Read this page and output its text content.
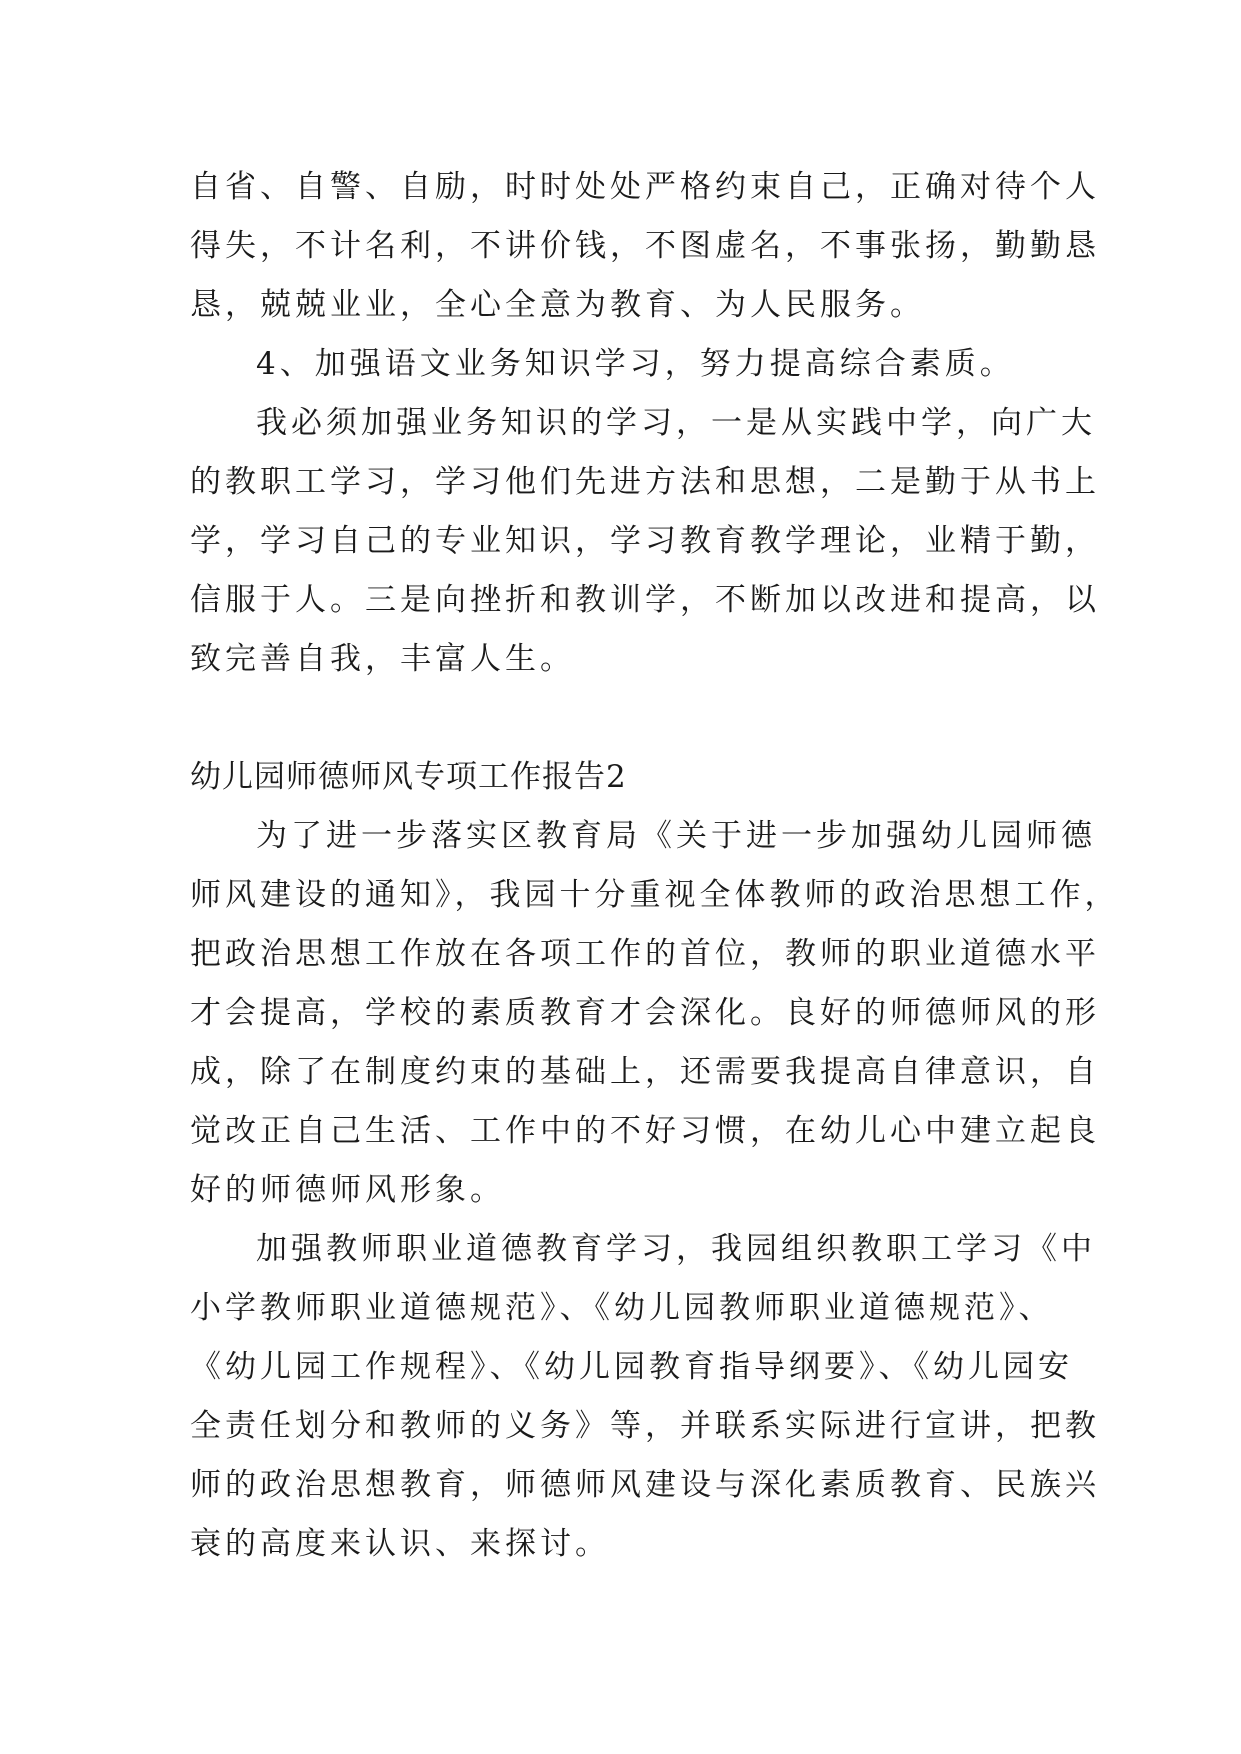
自省、自警、自励，时时处处严格约束自己，正确对待个人
得失，不计名利，不讲价钱，不图虚名，不事张扬，勤勤恳
恳，兢兢业业，全心全意为教育、为人民服务。
4、加强语文业务知识学习，努力提高综合素质。
我必须加强业务知识的学习，一是从实践中学，向广大
的教职工学习，学习他们先进方法和思想，二是勤于从书上
学，学习自己的专业知识，学习教育教学理论，业精于勤，
信服于人。三是向挫折和教训学，不断加以改进和提高，以
致完善自我，丰富人生。
幼儿园师德师风专项工作报告2
为了进一步落实区教育局《关于进一步加强幼儿园师德
师风建设的通知》，我园十分重视全体教师的政治思想工作，
把政治思想工作放在各项工作的首位，教师的职业道德水平
才会提高，学校的素质教育才会深化。良好的师德师风的形
成，除了在制度约束的基础上，还需要我提高自律意识，自
觉改正自己生活、工作中的不好习惯，在幼儿心中建立起良
好的师德师风形象。
加强教师职业道德教育学习，我园组织教职工学习《中
小学教师职业道德规范》、《幼儿园教师职业道德规范》、
《幼儿园工作规程》、《幼儿园教育指导纲要》、《幼儿园安
全责任划分和教师的义务》等，并联系实际进行宣讲，把教
师的政治思想教育，师德师风建设与深化素质教育、民族兴
衰的高度来认识、来探讨。
